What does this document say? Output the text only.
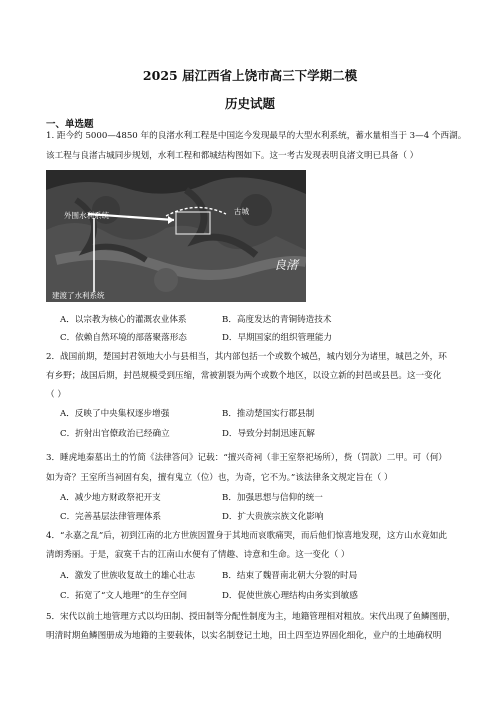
2025 届江西省上饶市高三下学期二模
历史试题
一、单选题
1. 距今约 5000—4850 年的良渚水利工程是中国迄今发现最早的大型水利系统，蓄水量相当于 3—4 个西湖。
该工程与良渚古城同步规划，水利工程和都城结构图如下。这一考古发现表明良渚文明已具备（ ）
外围水利系统
建渡了水利系统
古城
良渚
A．以宗教为核心的灌溉农业体系	B．高度发达的青铜铸造技术
C．依赖自然环境的部落聚落形态	D．早期国家的组织管理能力
2．战国前期，楚国封君领地大小与县相当，其内部包括一个或数个城邑，城内划分为诸里，城邑之外，环
有乡野；战国后期，封邑规模受到压缩，常被割裂为两个或数个地区，以设立新的封邑或县邑。这一变化
（ ）
A．反映了中央集权逐步增强	B．推动楚国实行郡县制
C．折射出官僚政治已经确立	D．导致分封制迅速瓦解
3．睡虎地秦墓出土的竹简《法律答问》记载：“擅兴奇祠（非王室祭祀场所），赀（罚款）二甲。可（何）
如为奇？王室所当祠固有矣，擅有鬼立（位）也，为奇，它不为。”该法律条文规定旨在（ ）
A．减少地方财政祭祀开支	B．加强思想与信仰的统一
C．完善基层法律管理体系	D．扩大贵族宗族文化影响
4．“永嘉之乱”后，初到江南的北方世族因置身于其地而哀歌痛哭，而后他们惊喜地发现，这方山水竟如此
清朗秀丽。于是，寂寞千古的江南山水便有了情趣、诗意和生命。这一变化（ ）
A．激发了世族收复故土的雄心壮志	B．结束了魏晋南北朝大分裂的时局
C．拓宽了“文人地理”的生存空间	D．促使世族心理结构由务实到敏感
5．宋代以前土地管理方式以均田制、授田制等分配性制度为主，地籍管理相对粗放。宋代出现了鱼鳞图册，
明清时期鱼鳞图册成为地籍的主要载体，以实名制登记土地，田土四至边界固化细化，业户的土地确权明
